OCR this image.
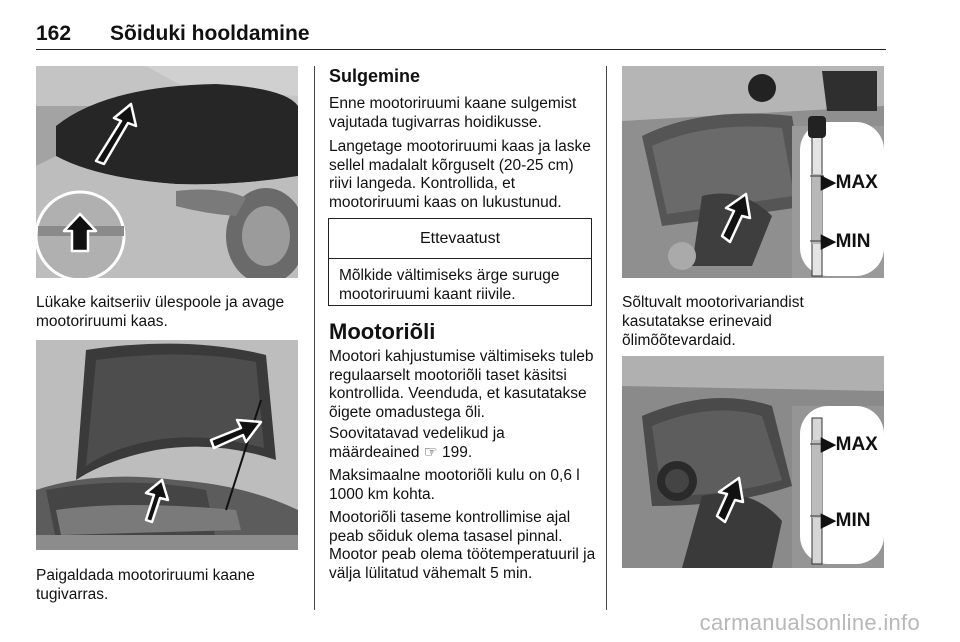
162 Sõiduki hooldamine
Lükake kaitseriiv ülespoole ja avage mootoriruumi kaas.
Paigaldada mootoriruumi kaane tugivarras.
Sulgemine
Enne mootoriruumi kaane sulgemist vajutada tugivarras hoidikusse.
Langetage mootoriruumi kaas ja laske sellel madalalt kõrguselt (20-25 cm) riivi langeda. Kontrollida, et mootoriruumi kaas on lukustunud.
Ettevaatust
Mõlkide vältimiseks ärge suruge mootoriruumi kaant riivile.
Mootoriõli
Mootori kahjustumise vältimiseks tuleb regulaarselt mootoriõli taset käsitsi kontrollida. Veenduda, et kasutatakse õigete omadustega õli.
Soovitatavad vedelikud ja määrdeained ☞ 199.
Maksimaalne mootoriõli kulu on 0,6 l 1000 km kohta.
Mootoriõli taseme kontrollimise ajal peab sõiduk olema tasasel pinnal. Mootor peab olema töötemperatuuril ja välja lülitatud vähemalt 5 min.
▶MAX
▶MIN
Sõltuvalt mootorivariandist kasutatakse erinevaid õlimõõtevardaid.
▶MAX
▶MIN
carmanualsonline.info
